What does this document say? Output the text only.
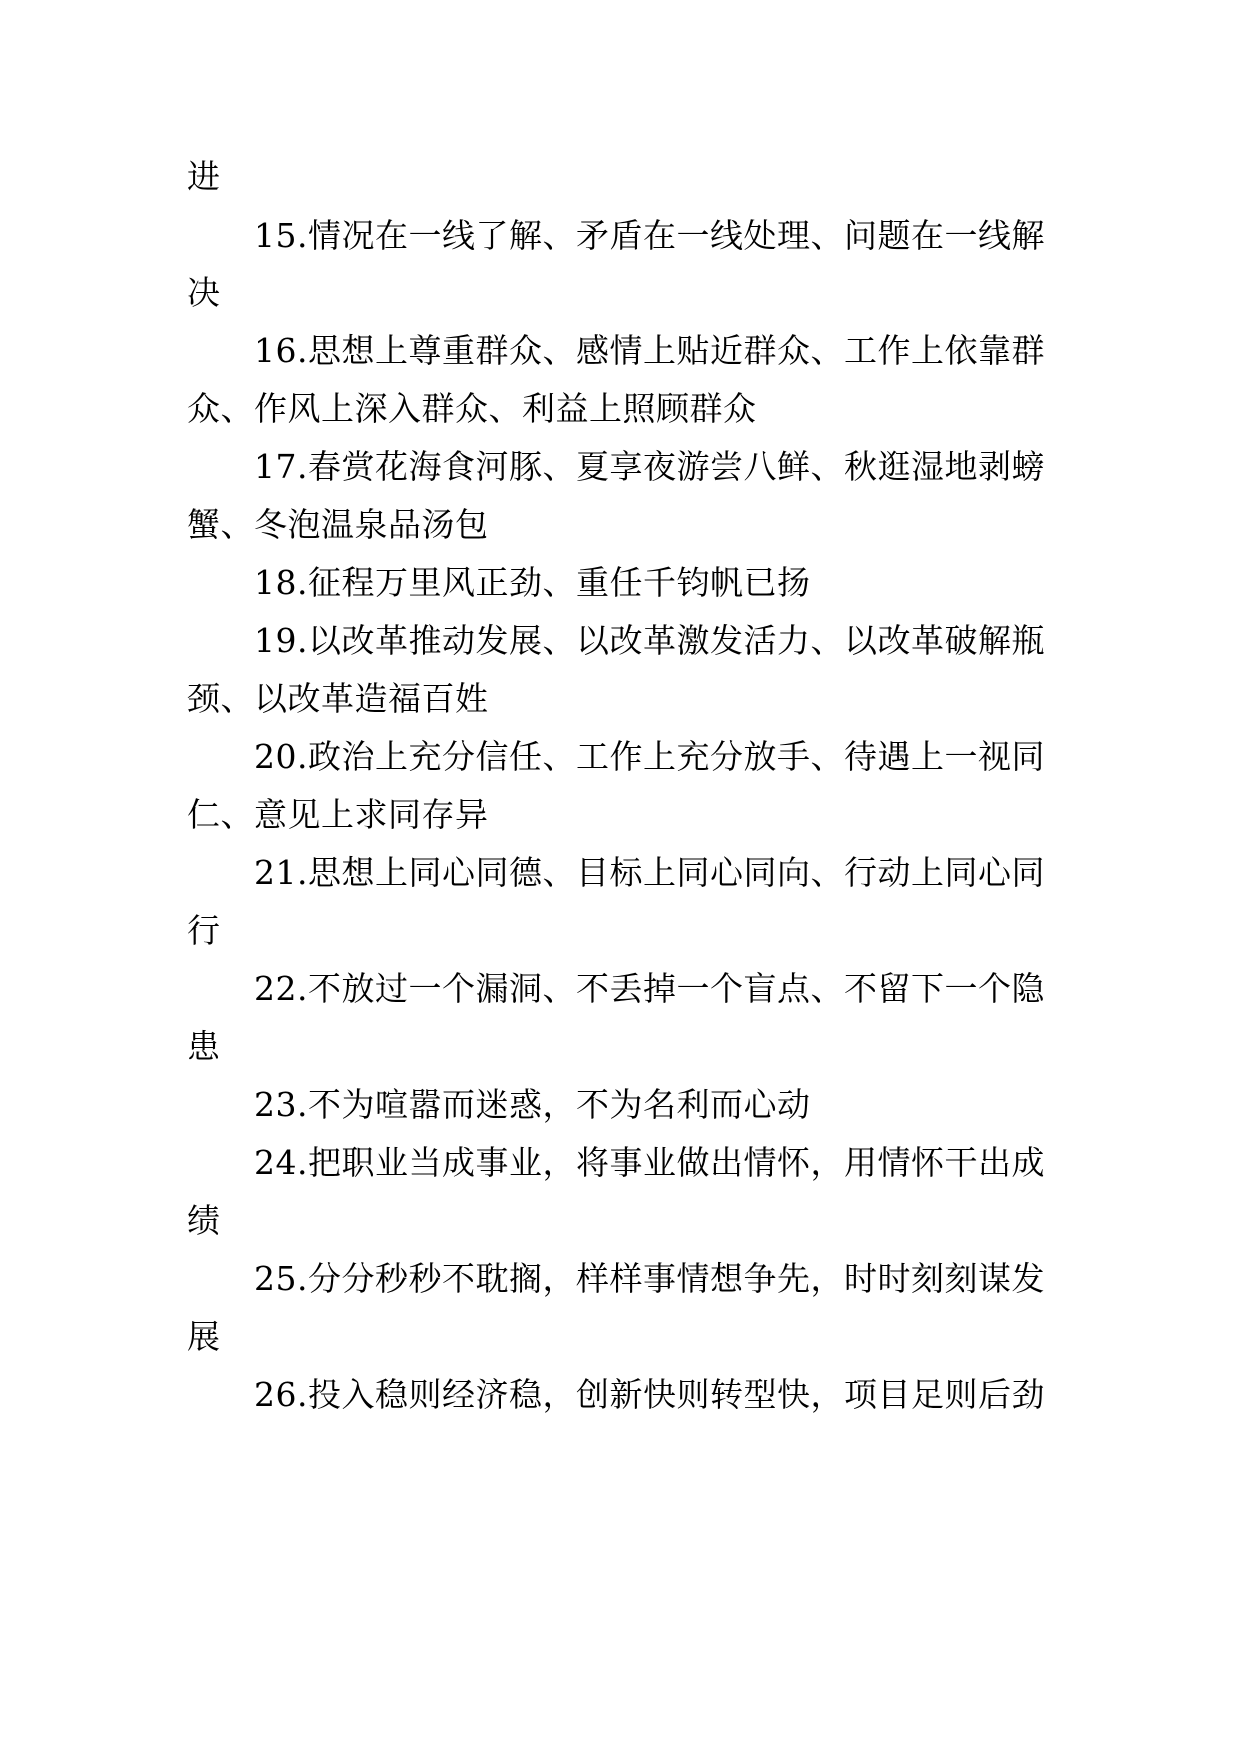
进
15.情况在一线了解、矛盾在一线处理、问题在一线解
决
16.思想上尊重群众、感情上贴近群众、工作上依靠群
众、作风上深入群众、利益上照顾群众
17.春赏花海食河豚、夏享夜游尝八鲜、秋逛湿地剥螃
蟹、冬泡温泉品汤包
18.征程万里风正劲、重任千钧帆已扬
19.以改革推动发展、以改革激发活力、以改革破解瓶
颈、以改革造福百姓
20.政治上充分信任、工作上充分放手、待遇上一视同
仁、意见上求同存异
21.思想上同心同德、目标上同心同向、行动上同心同
行
22.不放过一个漏洞、不丢掉一个盲点、不留下一个隐
患
23.不为喧嚣而迷惑，不为名利而心动
24.把职业当成事业，将事业做出情怀，用情怀干出成
绩
25.分分秒秒不耽搁，样样事情想争先，时时刻刻谋发
展
26.投入稳则经济稳，创新快则转型快，项目足则后劲
